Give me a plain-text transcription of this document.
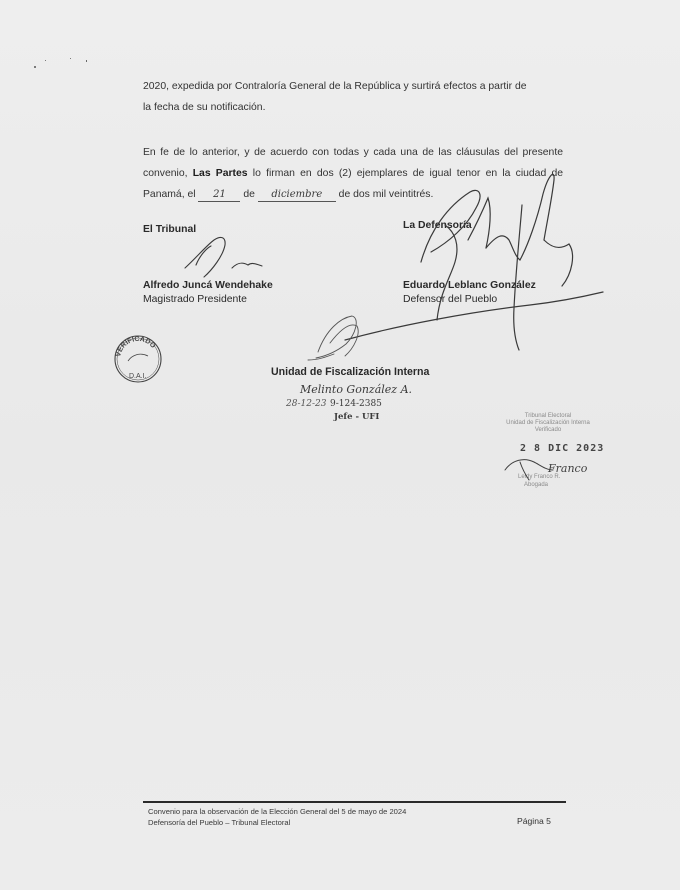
2020, expedida por Contraloría General de la República y surtirá efectos a partir de
la fecha de su notificación.
En fe de lo anterior, y de acuerdo con todas y cada una de las cláusulas del presente convenio, Las Partes lo firman en dos (2) ejemplares de igual tenor en la ciudad de Panamá, el 21 de diciembre de dos mil veintitrés.
El Tribunal	La Defensoría
Alfredo Juncá Wendehake
Magistrado Presidente
Eduardo Leblanc González
Defensor del Pueblo
Unidad de Fiscalización Interna
Melinto González A.
28-12-23 9-124-2385
Jefe - UFI	Tribunal Electoral
Unidad de Fiscalización Interna
Verificado
2 8 DIC 2023
Leidy Franco R.
Abogada
VERIFICADO
D.A.I.
Franco
Convenio para la observación de la Elección General del 5 de mayo de 2024
Defensoría del Pueblo – Tribunal Electoral	Página 5
